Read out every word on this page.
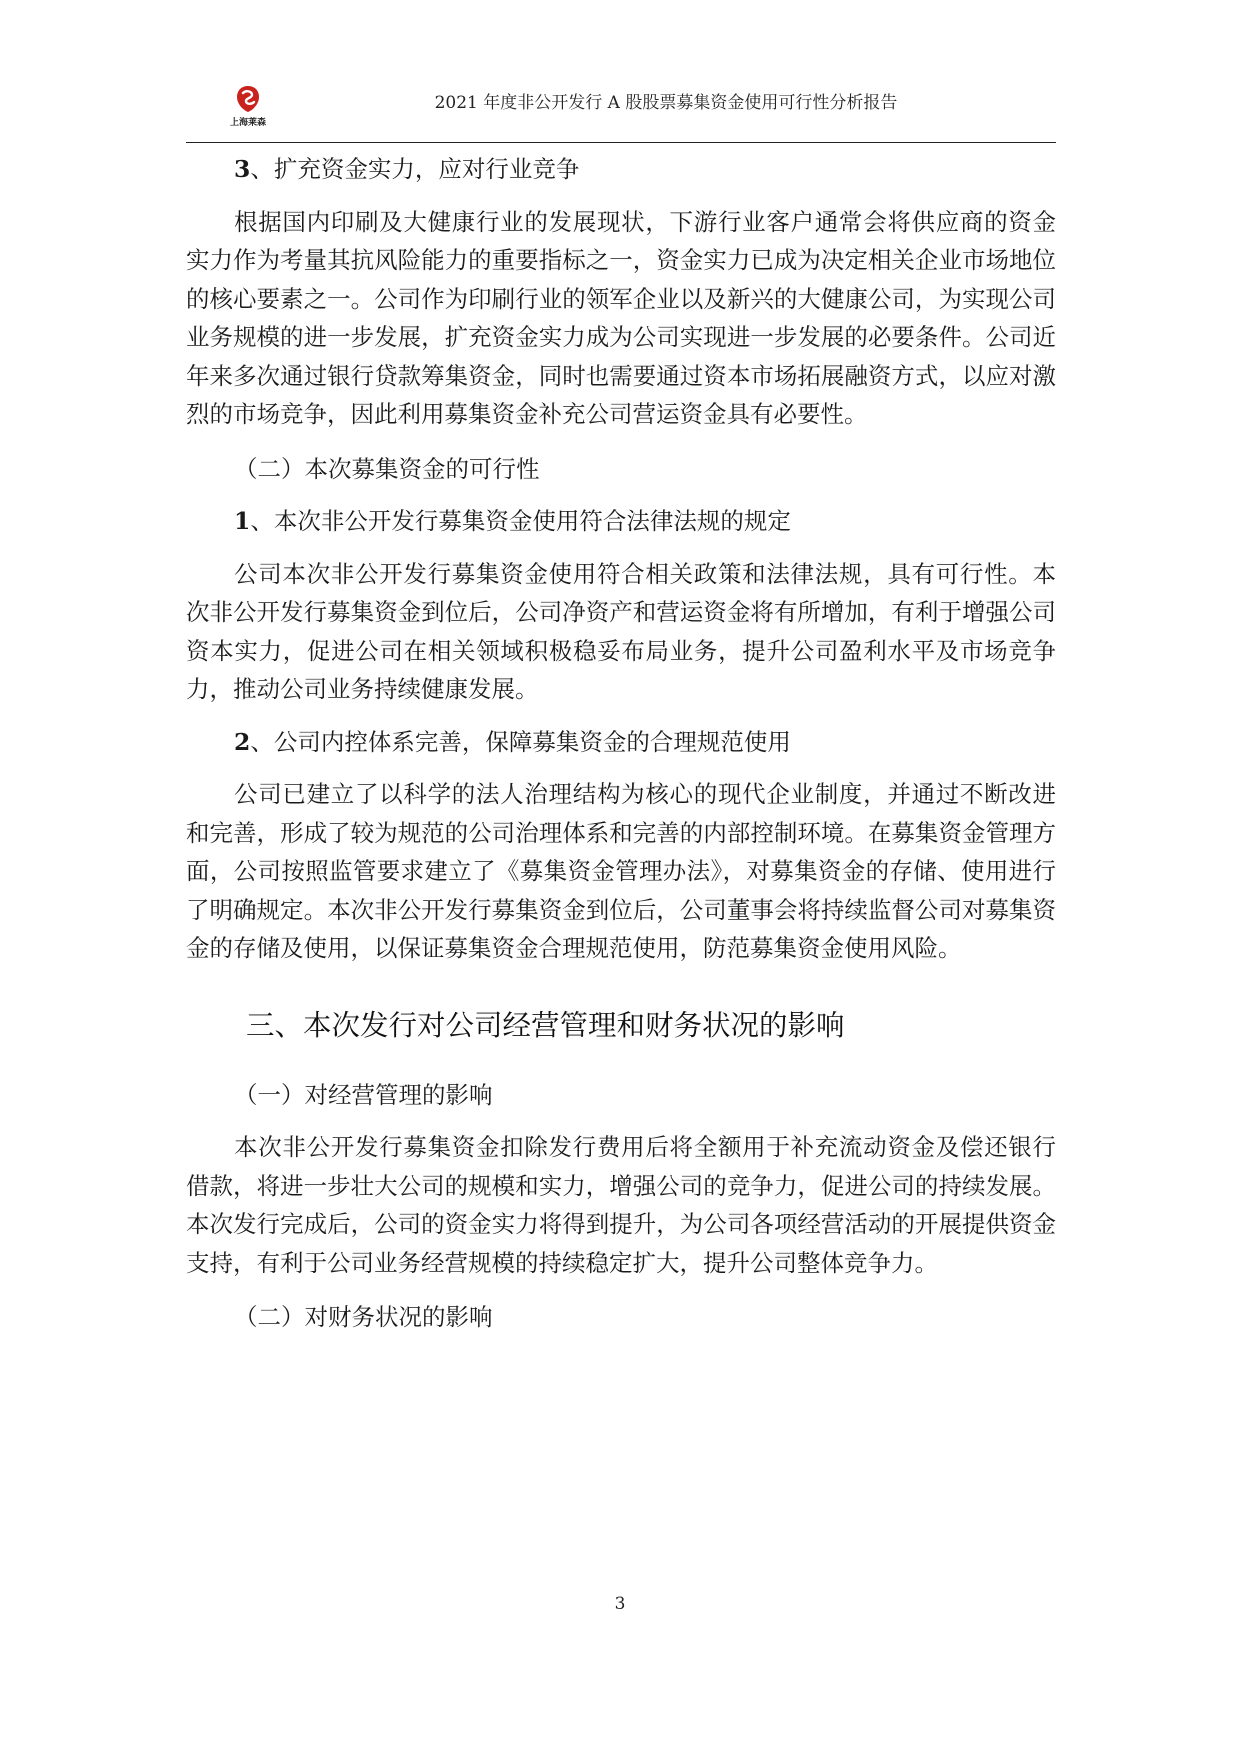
上海莱森
2021 年度非公开发行 A 股股票募集资金使用可行性分析报告

3、扩充资金实力，应对行业竞争

根据国内印刷及大健康行业的发展现状，下游行业客户通常会将供应商的资金实力作为考量其抗风险能力的重要指标之一，资金实力已成为决定相关企业市场地位的核心要素之一。公司作为印刷行业的领军企业以及新兴的大健康公司，为实现公司业务规模的进一步发展，扩充资金实力成为公司实现进一步发展的必要条件。公司近年来多次通过银行贷款筹集资金，同时也需要通过资本市场拓展融资方式，以应对激烈的市场竞争，因此利用募集资金补充公司营运资金具有必要性。

（二）本次募集资金的可行性

1、本次非公开发行募集资金使用符合法律法规的规定

公司本次非公开发行募集资金使用符合相关政策和法律法规，具有可行性。本次非公开发行募集资金到位后，公司净资产和营运资金将有所增加，有利于增强公司资本实力，促进公司在相关领域积极稳妥布局业务，提升公司盈利水平及市场竞争力，推动公司业务持续健康发展。

2、公司内控体系完善，保障募集资金的合理规范使用

公司已建立了以科学的法人治理结构为核心的现代企业制度，并通过不断改进和完善，形成了较为规范的公司治理体系和完善的内部控制环境。在募集资金管理方面，公司按照监管要求建立了《募集资金管理办法》，对募集资金的存储、使用进行了明确规定。本次非公开发行募集资金到位后，公司董事会将持续监督公司对募集资金的存储及使用，以保证募集资金合理规范使用，防范募集资金使用风险。

三、本次发行对公司经营管理和财务状况的影响

（一）对经营管理的影响

本次非公开发行募集资金扣除发行费用后将全额用于补充流动资金及偿还银行借款，将进一步壮大公司的规模和实力，增强公司的竞争力，促进公司的持续发展。本次发行完成后，公司的资金实力将得到提升，为公司各项经营活动的开展提供资金支持，有利于公司业务经营规模的持续稳定扩大，提升公司整体竞争力。

（二）对财务状况的影响

3
